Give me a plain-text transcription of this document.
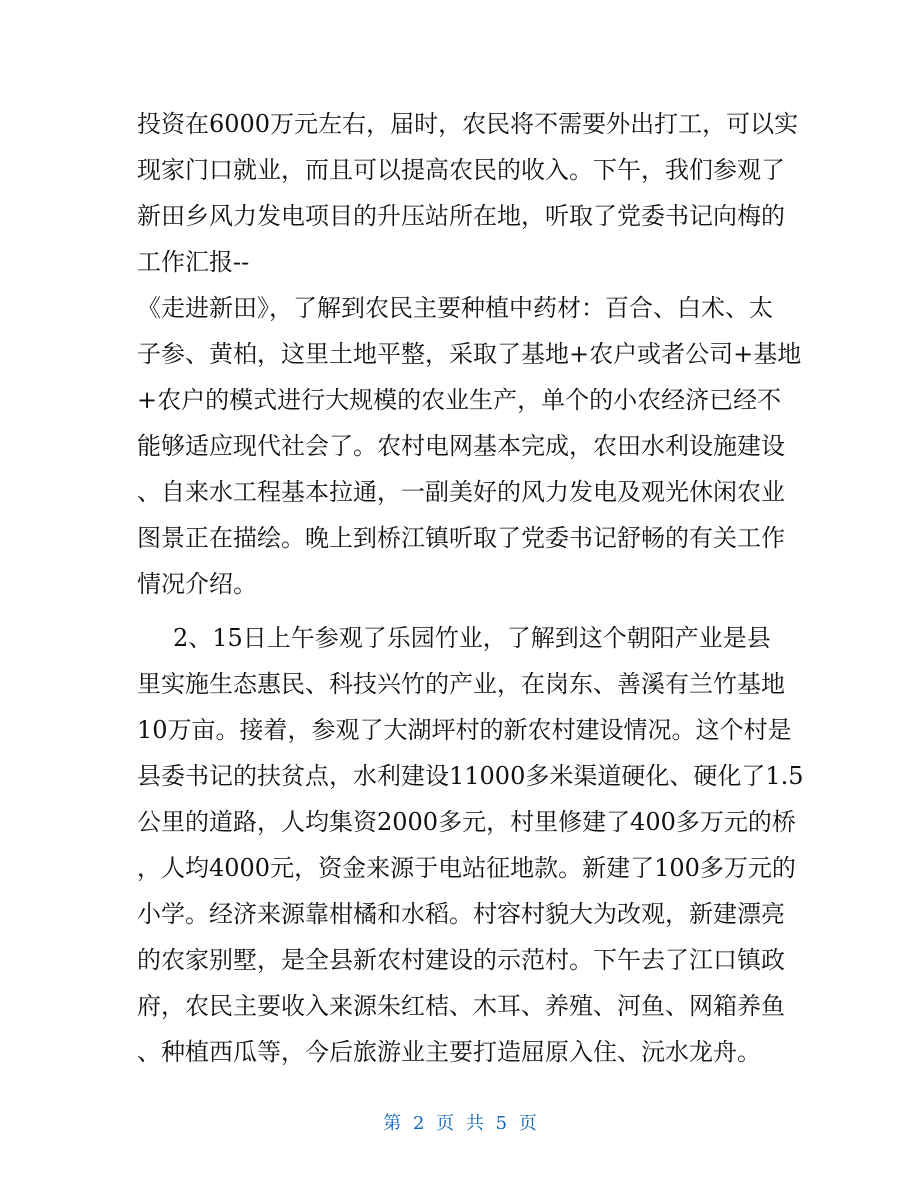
投资在6000万元左右，届时，农民将不需要外出打工，可以实
现家门口就业，而且可以提高农民的收入。下午，我们参观了
新田乡风力发电项目的升压站所在地，听取了党委书记向梅的
工作汇报--
《走进新田》，了解到农民主要种植中药材：百合、白术、太
子参、黄柏，这里土地平整，采取了基地+农户或者公司+基地
+农户的模式进行大规模的农业生产，单个的小农经济已经不
能够适应现代社会了。农村电网基本完成，农田水利设施建设
、自来水工程基本拉通，一副美好的风力发电及观光休闲农业
图景正在描绘。晚上到桥江镇听取了党委书记舒畅的有关工作
情况介绍。
2、15日上午参观了乐园竹业，了解到这个朝阳产业是县
里实施生态惠民、科技兴竹的产业，在岗东、善溪有兰竹基地
10万亩。接着，参观了大湖坪村的新农村建设情况。这个村是
县委书记的扶贫点，水利建设11000多米渠道硬化、硬化了1.5
公里的道路，人均集资2000多元，村里修建了400多万元的桥
，人均4000元，资金来源于电站征地款。新建了100多万元的
小学。经济来源靠柑橘和水稻。村容村貌大为改观，新建漂亮
的农家别墅，是全县新农村建设的示范村。下午去了江口镇政
府，农民主要收入来源朱红桔、木耳、养殖、河鱼、网箱养鱼
、种植西瓜等，今后旅游业主要打造屈原入住、沅水龙舟。
第 2 页 共 5 页
